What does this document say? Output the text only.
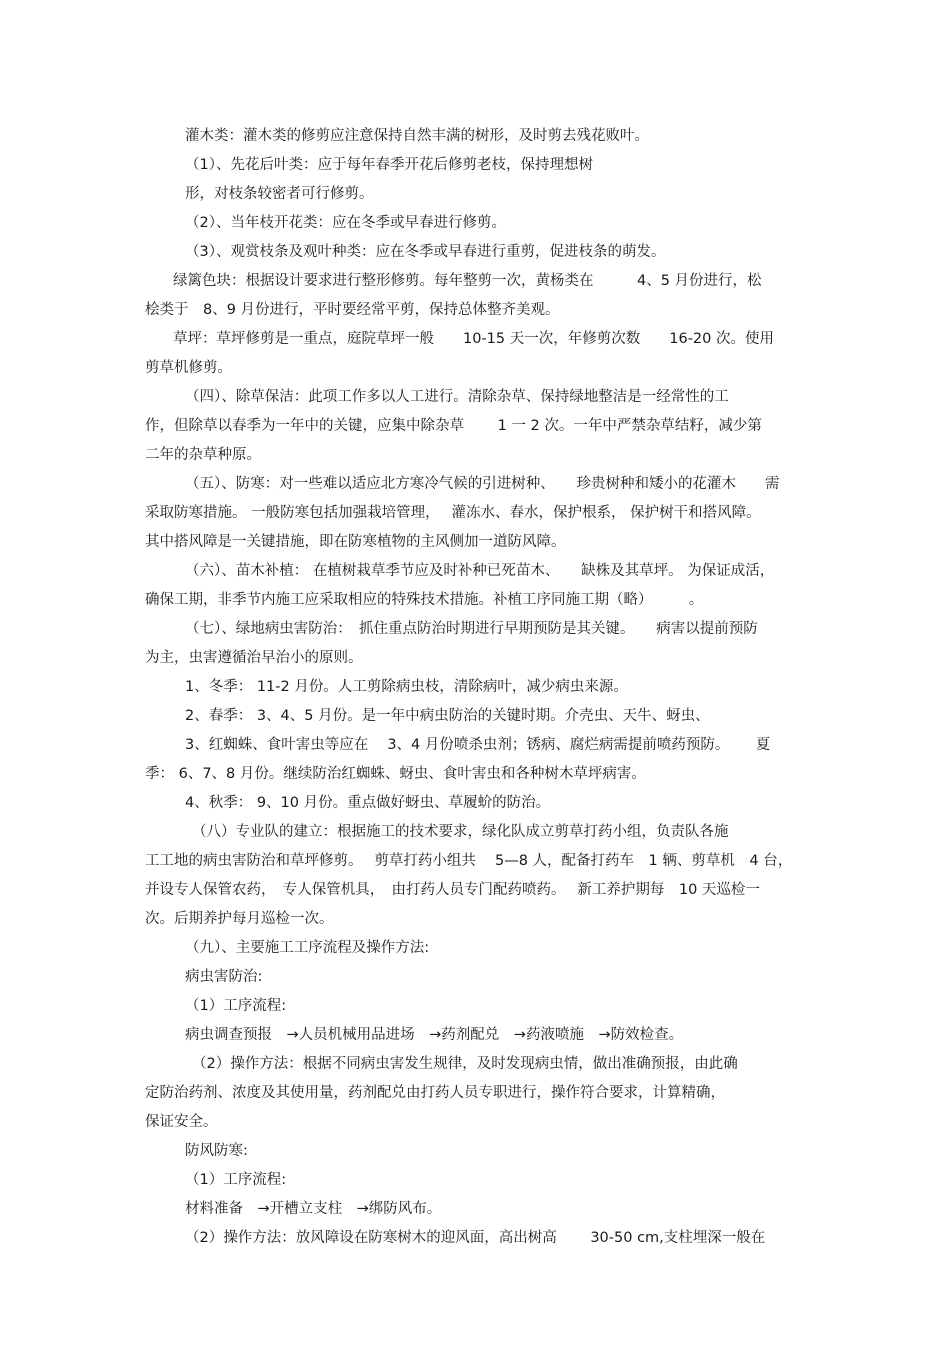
灌木类：灌木类的修剪应注意保持自然丰满的树形，及时剪去残花败叶。
（1）、先花后叶类：应于每年春季开花后修剪老枝，保持理想树
形，对枝条较密者可行修剪。
（2）、当年枝开花类：应在冬季或早春进行修剪。
（3）、观赏枝条及观叶种类：应在冬季或早春进行重剪，促进枝条的萌发。
绿篱色块：根据设计要求进行整形修剪。每年整剪一次，黄杨类在　　　4、5 月份进行，松
桧类于　8、9 月份进行，平时要经常平剪，保持总体整齐美观。
草坪：草坪修剪是一重点，庭院草坪一般　　10-15 天一次，年修剪次数　　16-20 次。使用
剪草机修剪。
（四）、除草保洁：此项工作多以人工进行。清除杂草、保持绿地整洁是一经常性的工
作，但除草以春季为一年中的关键，应集中除杂草　　 1 一 2 次。一年中严禁杂草结籽，减少第
二年的杂草种原。
（五）、防寒：对一些难以适应北方寒冷气候的引进树种、　　珍贵树种和矮小的花灌木　　需
采取防寒措施。 一般防寒包括加强栽培管理，　 灌冻水、春水，保护根系， 保护树干和搭风障。
其中搭风障是一关键措施，即在防寒植物的主风侧加一道防风障。
（六）、苗木补植： 在植树栽草季节应及时补种已死苗木、　　缺株及其草坪。 为保证成活，
确保工期，非季节内施工应采取相应的特殊技术措施。补植工序同施工期（略）　　　。
（七）、绿地病虫害防治：　抓住重点防治时期进行早期预防是其关键。　　病害以提前预防
为主，虫害遵循治早治小的原则。
1、冬季： 11-2 月份。人工剪除病虫枝，清除病叶，减少病虫来源。
2、春季： 3、4、5 月份。是一年中病虫防治的关键时期。介壳虫、天牛、蚜虫、
3、红蜘蛛、食叶害虫等应在　 3、4 月份喷杀虫剂；锈病、腐烂病需提前喷药预防。　　 夏
季： 6、7、8 月份。继续防治红蜘蛛、蚜虫、食叶害虫和各种树木草坪病害。
4、秋季： 9、10 月份。重点做好蚜虫、草履蚧的防治。
（八）专业队的建立：根据施工的技术要求，绿化队成立剪草打药小组，负责队各施
工工地的病虫害防治和草坪修剪。　 剪草打药小组共　 5—8 人，配备打药车　1 辆、剪草机　4 台，
并设专人保管农药，　专人保管机具，　由打药人员专门配药喷药。　 新工养护期每　10 天巡检一
次。后期养护每月巡检一次。
（九）、主要施工工序流程及操作方法:
病虫害防治:
（1）工序流程:
病虫调查预报　→人员机械用品进场　→药剂配兑　→药液喷施　→防效检查。
（2）操作方法：根据不同病虫害发生规律，及时发现病虫情，做出准确预报，由此确
定防治药剂、浓度及其使用量，药剂配兑由打药人员专职进行，操作符合要求，计算精确，
保证安全。
防风防寒:
（1）工序流程:
材料准备　→开槽立支柱　→绑防风布。
（2）操作方法：放风障设在防寒树木的迎风面，高出树高　　 30-50 cm,支柱埋深一般在
